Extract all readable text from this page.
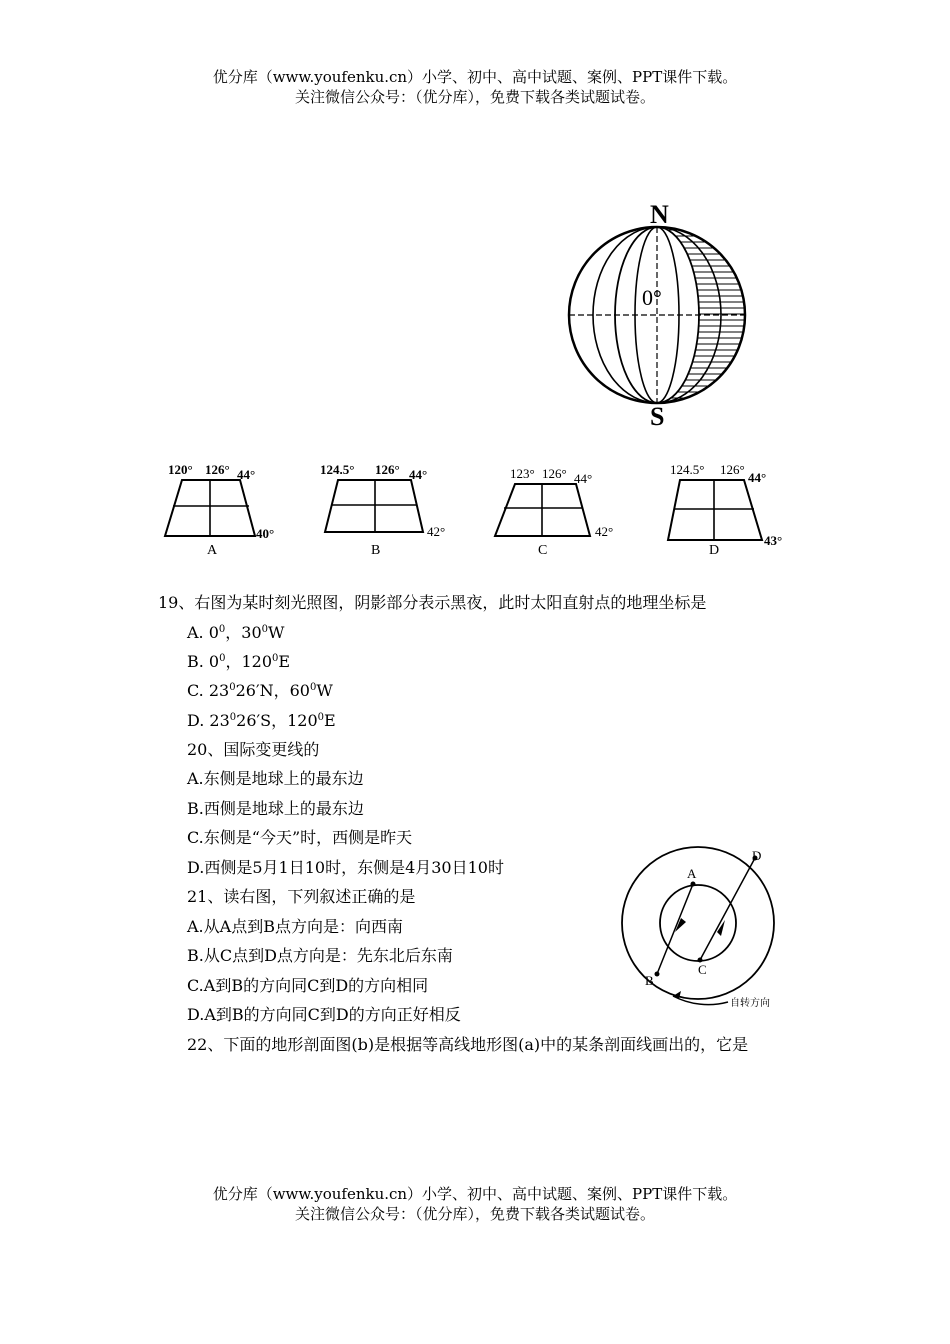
优分库（www.youfenku.cn）小学、初中、高中试题、案例、PPT课件下载。
关注微信公众号：（优分库），免费下载各类试题试卷。
N
S
0°
120° 126° 44°
40°
A
124.5° 126° 44°
42°
B
123° 126° 44°
42°
C
124.5° 126°
44°
43°
D
19、右图为某时刻光照图，阴影部分表示黑夜，此时太阳直射点的地理坐标是
A. $0^0$，$30^0W$
B. $0^0$，$120^0E$
C. $23^026'N$，$60^0W$
D. $23^026'S$，$120^0E$
20、国际变更线的
A.东侧是地球上的最东边
B.西侧是地球上的最东边
C.东侧是“今天”时，西侧是昨天
D.西侧是5月1日10时，东侧是4月30日10时
21、读右图，下列叙述正确的是
A.从A点到B点方向是：向西南
B.从C点到D点方向是：先东北后东南
C.A到B的方向同C到D的方向相同
D.A到B的方向同C到D的方向正好相反
22、下面的地形剖面图(b)是根据等高线地形图(a)中的某条剖面线画出的，它是
A
B
C
D
自转方向
优分库（www.youfenku.cn）小学、初中、高中试题、案例、PPT课件下载。
关注微信公众号：（优分库），免费下载各类试题试卷。
